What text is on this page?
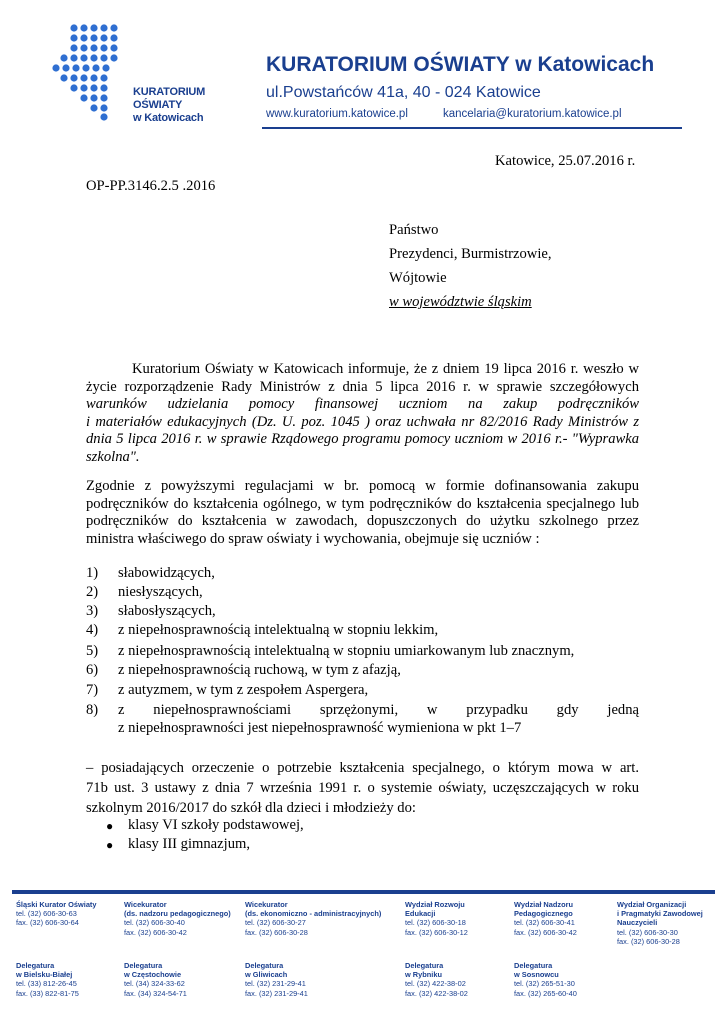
KURATORIUM
OŚWIATY
w Katowicach
KURATORIUM OŚWIATY w Katowicach
ul.Powstańców 41a, 40 - 024 Katowice
www.kuratorium.katowice.pl	kancelaria@kuratorium.katowice.pl
Katowice, 25.07.2016 r.
OP-PP.3146.2.5 .2016
Państwo
Prezydenci, Burmistrzowie,
Wójtowie
w województwie śląskim
Kuratorium Oświaty w Katowicach informuje, że z dniem 19 lipca 2016 r. weszło w
życie rozporządzenie Rady Ministrów z dnia 5 lipca 2016 r. w sprawie szczegółowych
warunków udzielania pomocy finansowej uczniom na zakup podręczników
i materiałów edukacyjnych (Dz. U. poz. 1045 ) oraz uchwała nr 82/2016 Rady Ministrów z
dnia 5 lipca 2016 r. w sprawie Rządowego programu pomocy uczniom w 2016 r.- "Wyprawka
szkolna".
Zgodnie z powyższymi regulacjami w br. pomocą w formie dofinansowania zakupu
podręczników do kształcenia ogólnego, w tym podręczników do kształcenia specjalnego lub
podręczników do kształcenia w zawodach, dopuszczonych do użytku szkolnego przez
ministra właściwego do spraw oświaty i wychowania, obejmuje się uczniów :
1) słabowidzących,
2) niesłyszących,
3) słabosłyszących,
4) z niepełnosprawnością intelektualną w stopniu lekkim,
5) z niepełnosprawnością intelektualną w stopniu umiarkowanym lub znacznym,
6) z niepełnosprawnością ruchową, w tym z afazją,
7) z autyzmem, w tym z zespołem Aspergera,
8) z niepełnosprawnościami sprzężonymi, w przypadku gdy jedną
z niepełnosprawności jest niepełnosprawność wymieniona w pkt 1–7
– posiadających orzeczenie o potrzebie kształcenia specjalnego, o którym mowa w art.
71b ust. 3 ustawy z dnia 7 września 1991 r. o systemie oświaty, uczęszczających w roku
szkolnym 2016/2017 do szkół dla dzieci i młodzieży do:
● klasy VI szkoły podstawowej,
● klasy III gimnazjum,
Śląski Kurator Oświaty
tel. (32) 606-30-63
fax. (32) 606-30-64
Wicekurator
(ds. nadzoru pedagogicznego)
tel. (32) 606-30-40
fax. (32) 606-30-42
Wicekurator
(ds. ekonomiczno - administracyjnych)
tel. (32) 606-30-27
fax. (32) 606-30-28
Wydział Rozwoju
Edukacji
tel. (32) 606-30-18
fax. (32) 606-30-12
Wydział Nadzoru
Pedagogicznego
tel. (32) 606-30-41
fax. (32) 606-30-42
Wydział Organizacji
i Pragmatyki Zawodowej
Nauczycieli
tel. (32) 606-30-30
fax. (32) 606-30-28
Delegatura
w Bielsku-Białej
tel. (33) 812-26-45
fax. (33) 822-81-75
Delegatura
w Częstochowie
tel. (34) 324-33-62
fax. (34) 324-54-71
Delegatura
w Gliwicach
tel. (32) 231-29-41
fax. (32) 231-29-41
Delegatura
w Rybniku
tel. (32) 422-38-02
fax. (32) 422-38-02
Delegatura
w Sosnowcu
tel. (32) 265-51-30
fax. (32) 265-60-40
